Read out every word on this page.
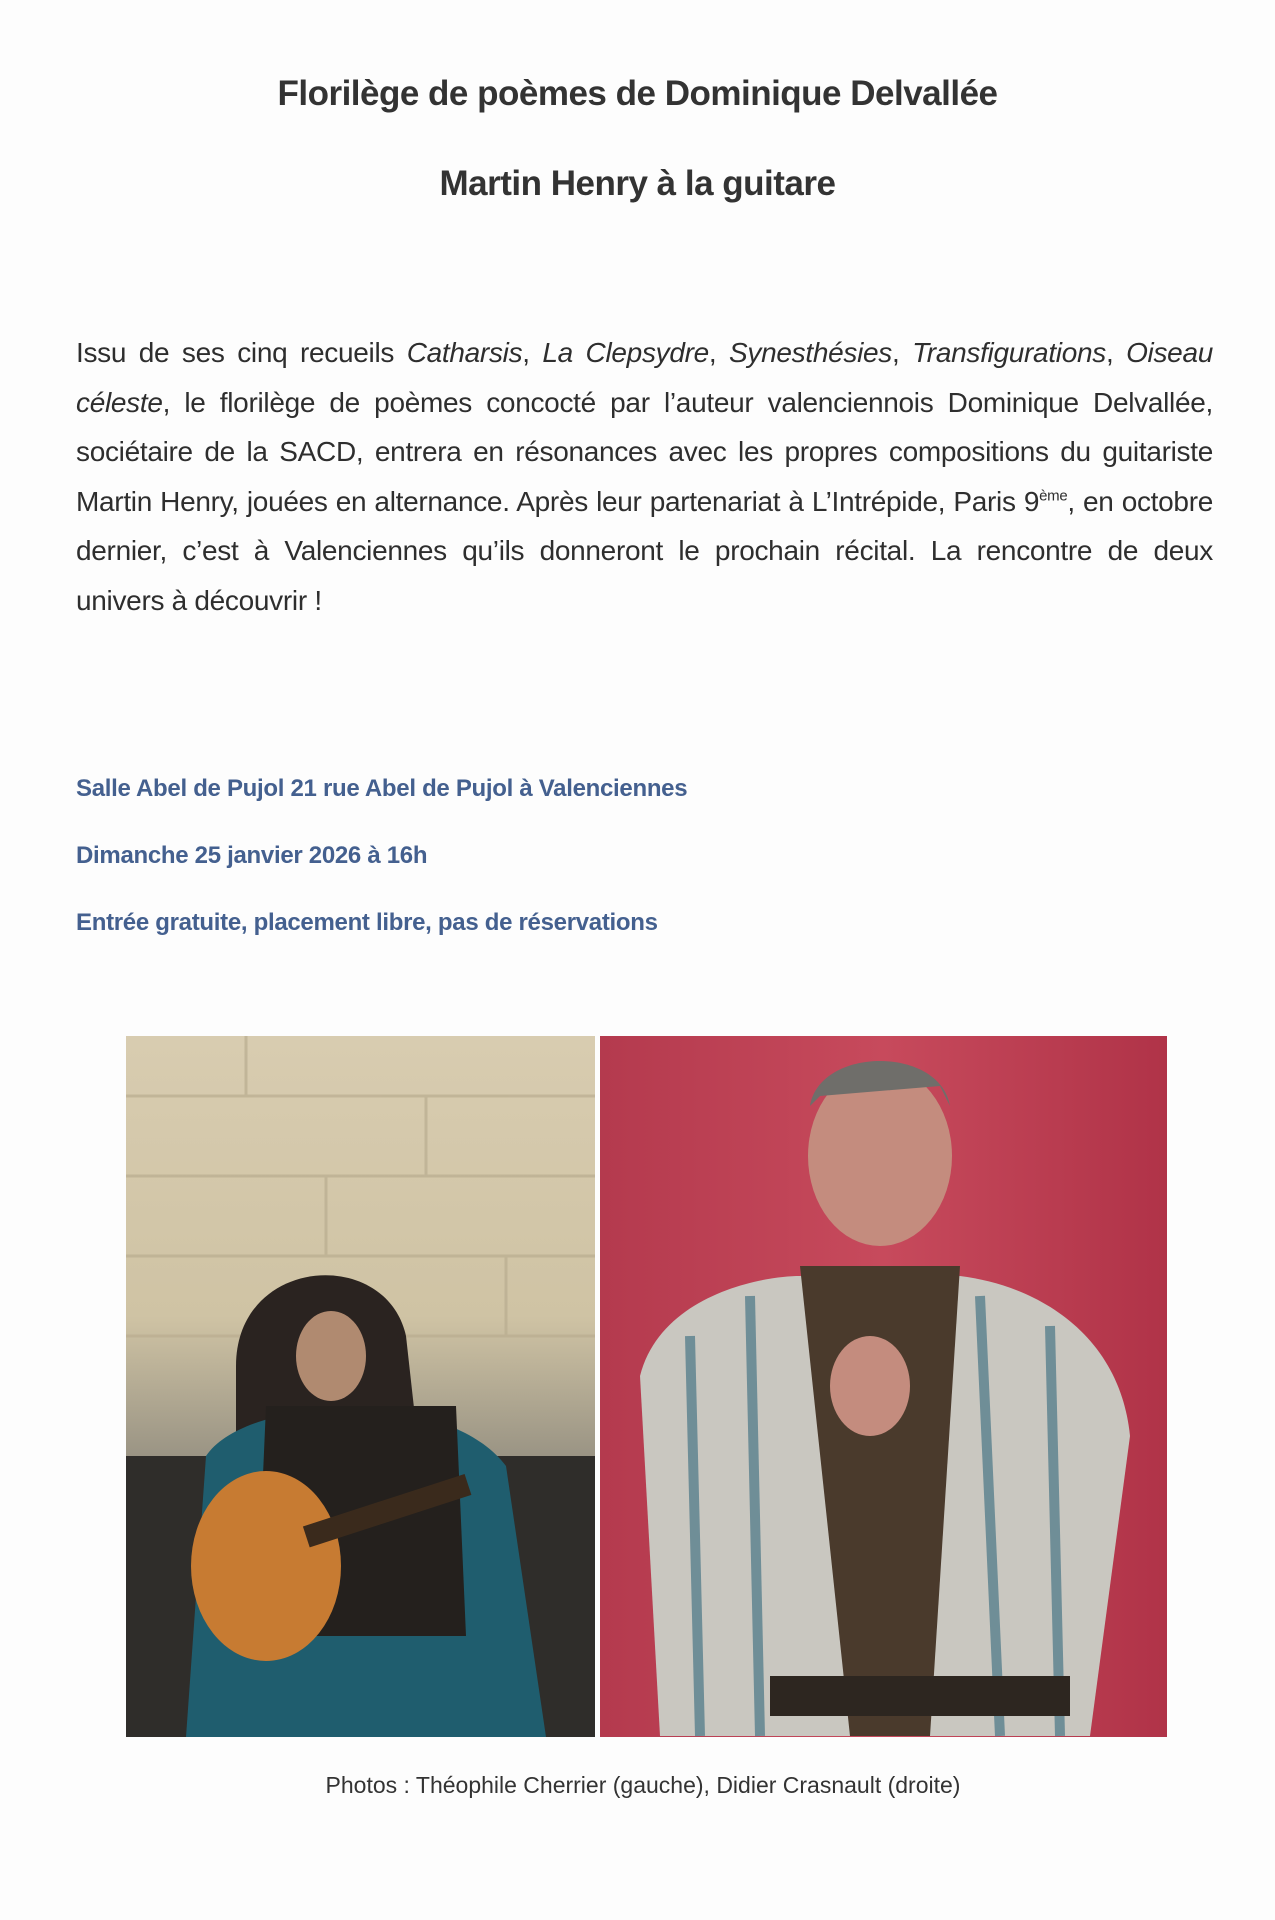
Florilège de poèmes de Dominique Delvallée
Martin Henry à la guitare
Issu de ses cinq recueils Catharsis, La Clepsydre, Synesthésies, Transfigurations, Oiseau céleste, le florilège de poèmes concocté par l’auteur valenciennois Dominique Delvallée, sociétaire de la SACD, entrera en résonances avec les propres compositions du guitariste Martin Henry, jouées en alternance. Après leur partenariat à L’Intrépide, Paris 9ème, en octobre dernier, c’est à Valenciennes qu’ils donneront le prochain récital. La rencontre de deux univers à découvrir !
Salle Abel de Pujol 21 rue Abel de Pujol à Valenciennes
Dimanche 25 janvier 2026 à 16h
Entrée gratuite, placement libre, pas de réservations
Photos : Théophile Cherrier (gauche), Didier Crasnault (droite)
